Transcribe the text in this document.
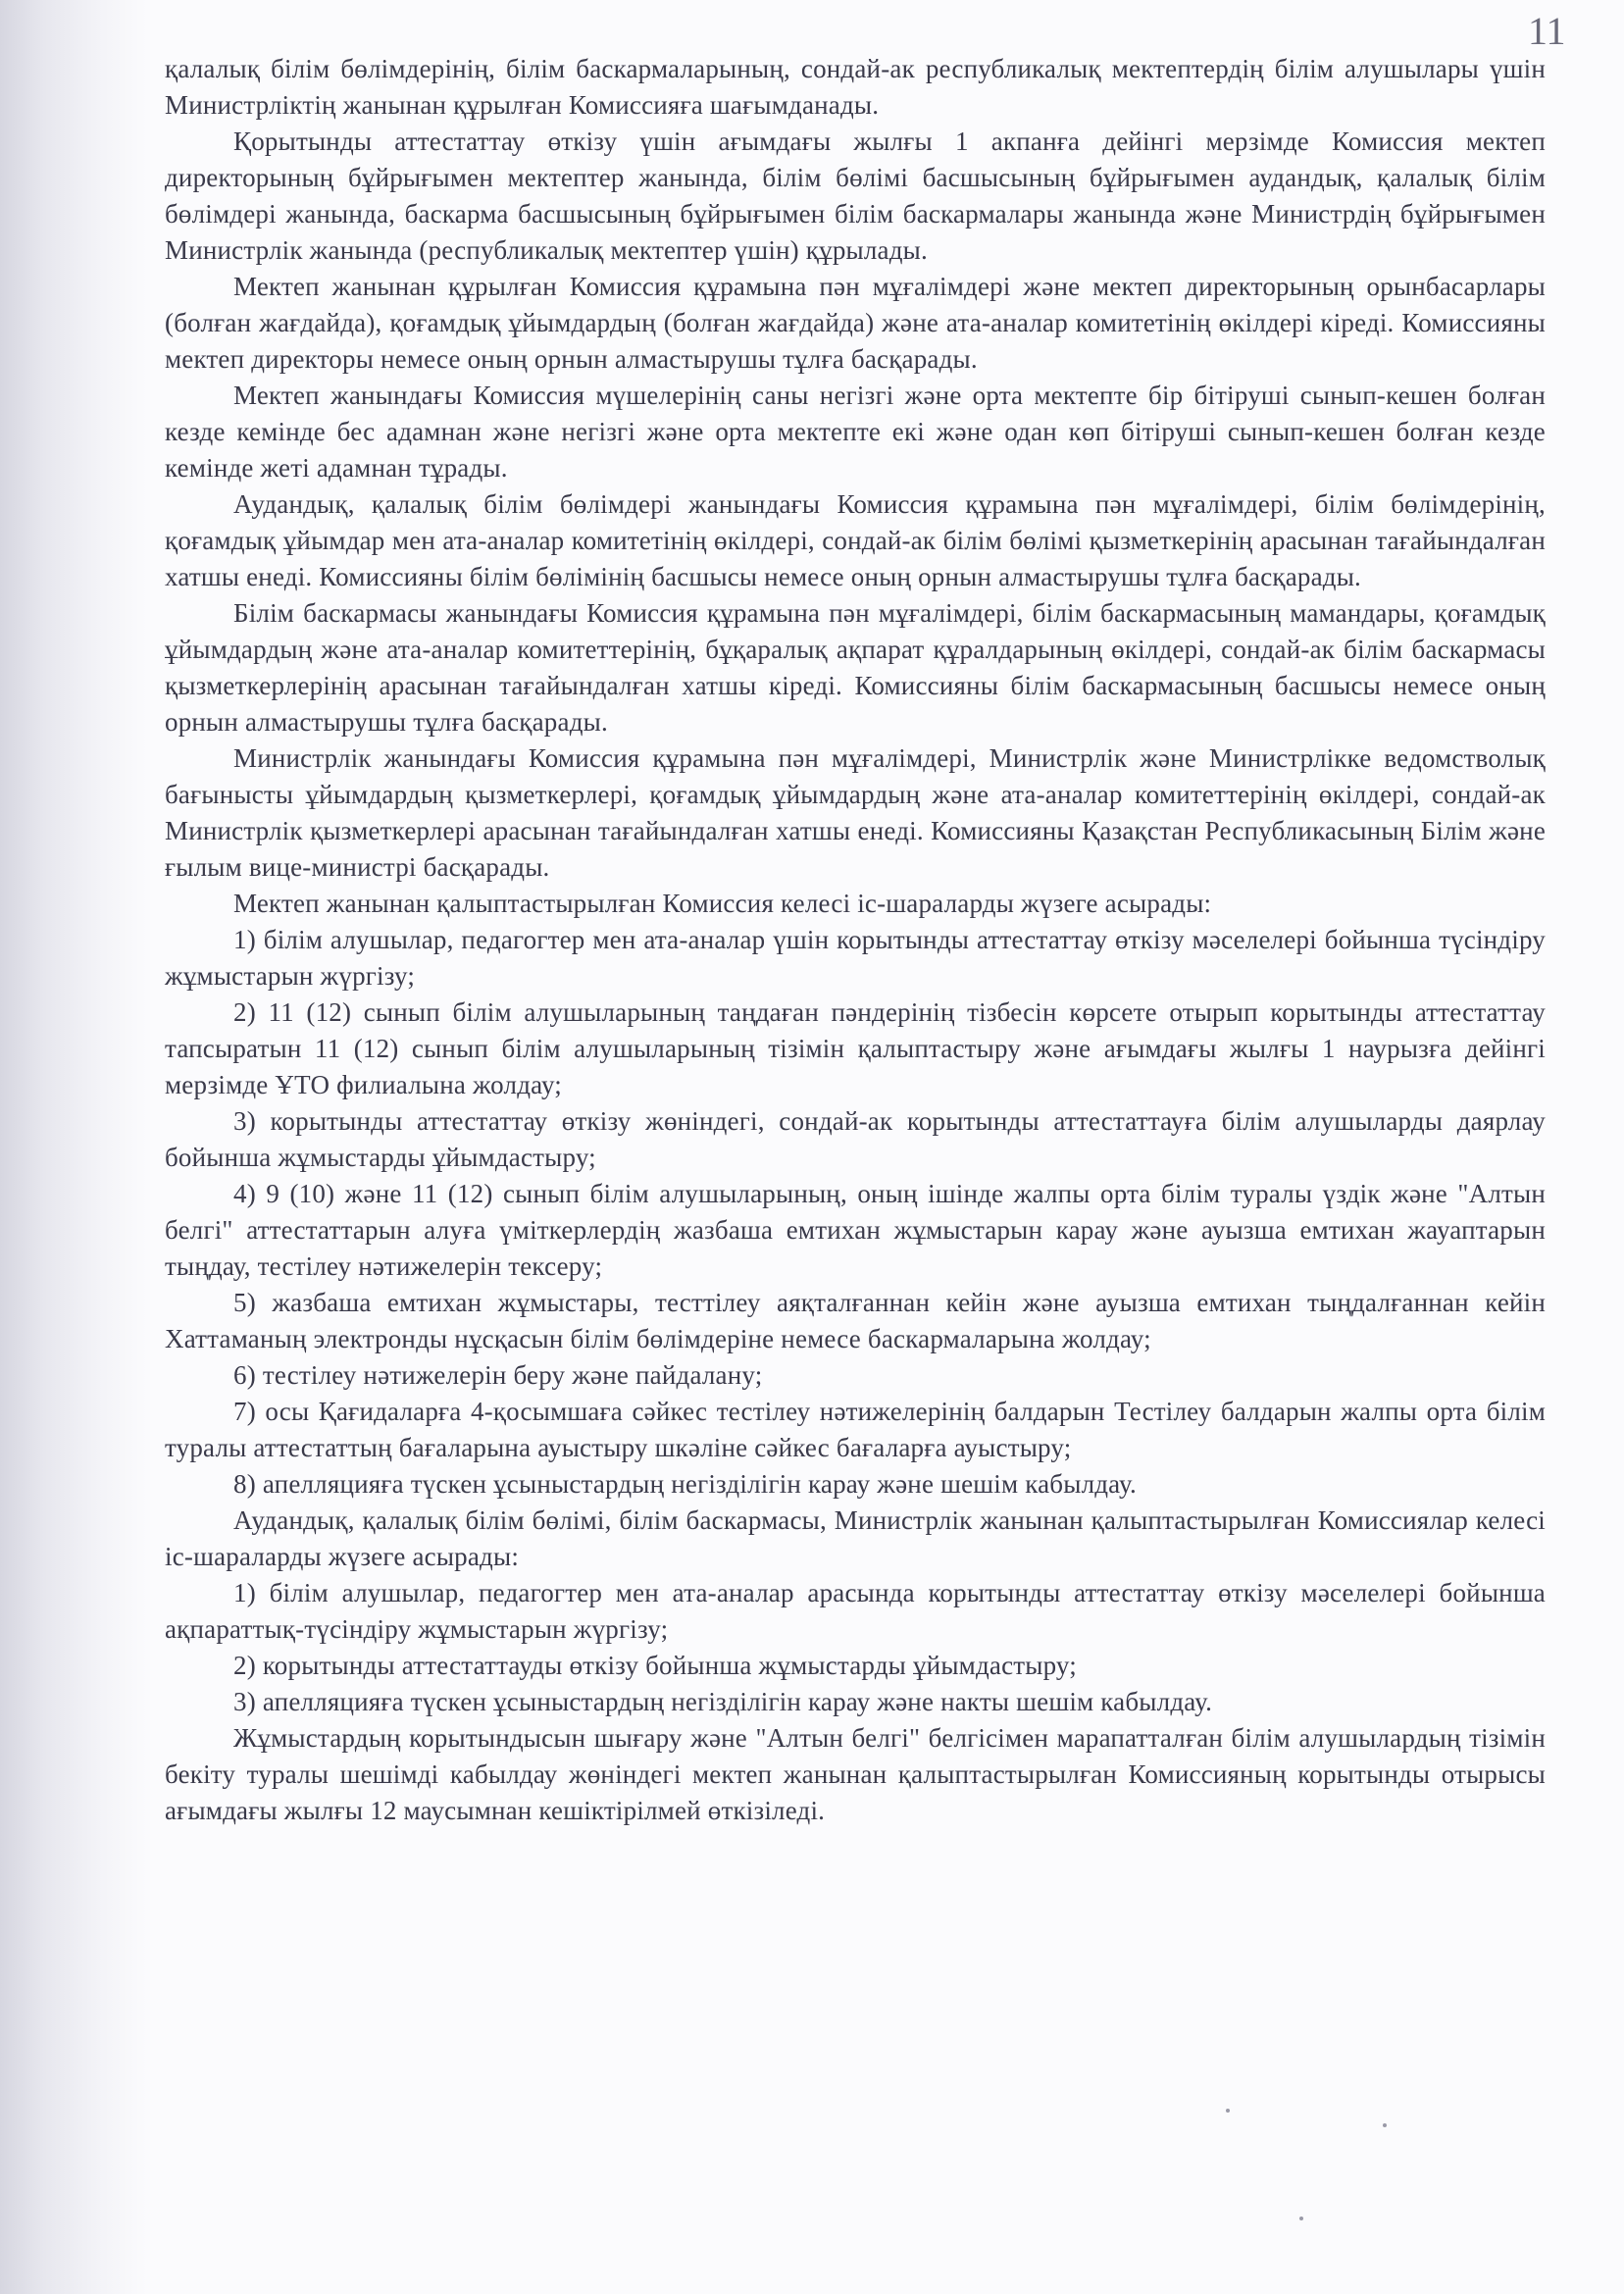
11

қалалық білім бөлімдерінің, білім баскармаларының, сондай-ак республикалық мектептердің білім алушылары үшін Министрліктің жанынан құрылған Комиссияға шағымданады.

Қорытынды аттестаттау өткізу үшін ағымдағы жылғы 1 акпанға дейінгі мерзімде Комиссия мектеп директорының бұйрығымен мектептер жанында, білім бөлімі басшысының бұйрығымен аудандық, қалалық білім бөлімдері жанында, баскарма басшысының бұйрығымен білім баскармалары жанында және Министрдің бұйрығымен Министрлік жанында (республикалық мектептер үшін) құрылады.

Мектеп жанынан құрылған Комиссия құрамына пән мұғалімдері және мектеп директорының орынбасарлары (болған жағдайда), қоғамдық ұйымдардың (болған жағдайда) және ата-аналар комитетінің өкілдері кіреді. Комиссияны мектеп директоры немесе оның орнын алмастырушы тұлға басқарады.

Мектеп жанындағы Комиссия мүшелерінің саны негізгі және орта мектепте бір бітіруші сынып-кешен болған кезде кемінде бес адамнан және негізгі және орта мектепте екі және одан көп бітіруші сынып-кешен болған кезде кемінде жеті адамнан тұрады.

Аудандық, қалалық білім бөлімдері жанындағы Комиссия құрамына пән мұғалімдері, білім бөлімдерінің, қоғамдық ұйымдар мен ата-аналар комитетінің өкілдері, сондай-ак білім бөлімі қызметкерінің арасынан тағайындалған хатшы енеді. Комиссияны білім бөлімінің басшысы немесе оның орнын алмастырушы тұлға басқарады.

Білім баскармасы жанындағы Комиссия құрамына пән мұғалімдері, білім баскармасының мамандары, қоғамдық ұйымдардың және ата-аналар комитеттерінің, бұқаралық ақпарат құралдарының өкілдері, сондай-ак білім баскармасы қызметкерлерінің арасынан тағайындалған хатшы кіреді. Комиссияны білім баскармасының басшысы немесе оның орнын алмастырушы тұлға басқарады.

Министрлік жанындағы Комиссия құрамына пән мұғалімдері, Министрлік және Министрлікке ведомстволық бағынысты ұйымдардың қызметкерлері, қоғамдық ұйымдардың және ата-аналар комитеттерінің өкілдері, сондай-ак Министрлік қызметкерлері арасынан тағайындалған хатшы енеді. Комиссияны Қазақстан Республикасының Білім және ғылым вице-министрі басқарады.

Мектеп жанынан қалыптастырылған Комиссия келесі іс-шараларды жүзеге асырады:

1) білім алушылар, педагогтер мен ата-аналар үшін корытынды аттестаттау өткізу мәселелері бойынша түсіндіру жұмыстарын жүргізу;

2) 11 (12) сынып білім алушыларының таңдаған пәндерінің тізбесін көрсете отырып корытынды аттестаттау тапсыратын 11 (12) сынып білім алушыларының тізімін қалыптастыру және ағымдағы жылғы 1 наурызға дейінгі мерзімде ҰТО филиалына жолдау;

3) корытынды аттестаттау өткізу жөніндегі, сондай-ак корытынды аттестаттауға білім алушыларды даярлау бойынша жұмыстарды ұйымдастыру;

4) 9 (10) және 11 (12) сынып білім алушыларының, оның ішінде жалпы орта білім туралы үздік және "Алтын белгі" аттестаттарын алуға үміткерлердің жазбаша емтихан жұмыстарын карау және ауызша емтихан жауаптарын тыңдау, тестілеу нәтижелерін тексеру;

5) жазбаша емтихан жұмыстары, тесттілеу аяқталғаннан кейін және ауызша емтихан тыңдалғаннан кейін Хаттаманың электронды нұсқасын білім бөлімдеріне немесе баскармаларына жолдау;

6) тестілеу нәтижелерін беру және пайдалану;

7) осы Қағидаларға 4-қосымшаға сәйкес тестілеу нәтижелерінің балдарын Тестілеу балдарын жалпы орта білім туралы аттестаттың бағаларына ауыстыру шкәліне сәйкес бағаларға ауыстыру;

8) апелляцияға түскен ұсыныстардың негізділігін карау және шешім кабылдау.

Аудандық, қалалық білім бөлімі, білім баскармасы, Министрлік жанынан қалыптастырылған Комиссиялар келесі іс-шараларды жүзеге асырады:

1) білім алушылар, педагогтер мен ата-аналар арасында корытынды аттестаттау өткізу мәселелері бойынша ақпараттық-түсіндіру жұмыстарын жүргізу;

2) корытынды аттестаттауды өткізу бойынша жұмыстарды ұйымдастыру;

3) апелляцияға түскен ұсыныстардың негізділігін карау және накты шешім кабылдау.

Жұмыстардың корытындысын шығару және "Алтын белгі" белгісімен марапатталған білім алушылардың тізімін бекіту туралы шешімді кабылдау жөніндегі мектеп жанынан қалыптастырылған Комиссияның корытынды отырысы ағымдағы жылғы 12 маусымнан кешіктірілмей өткізіледі.
